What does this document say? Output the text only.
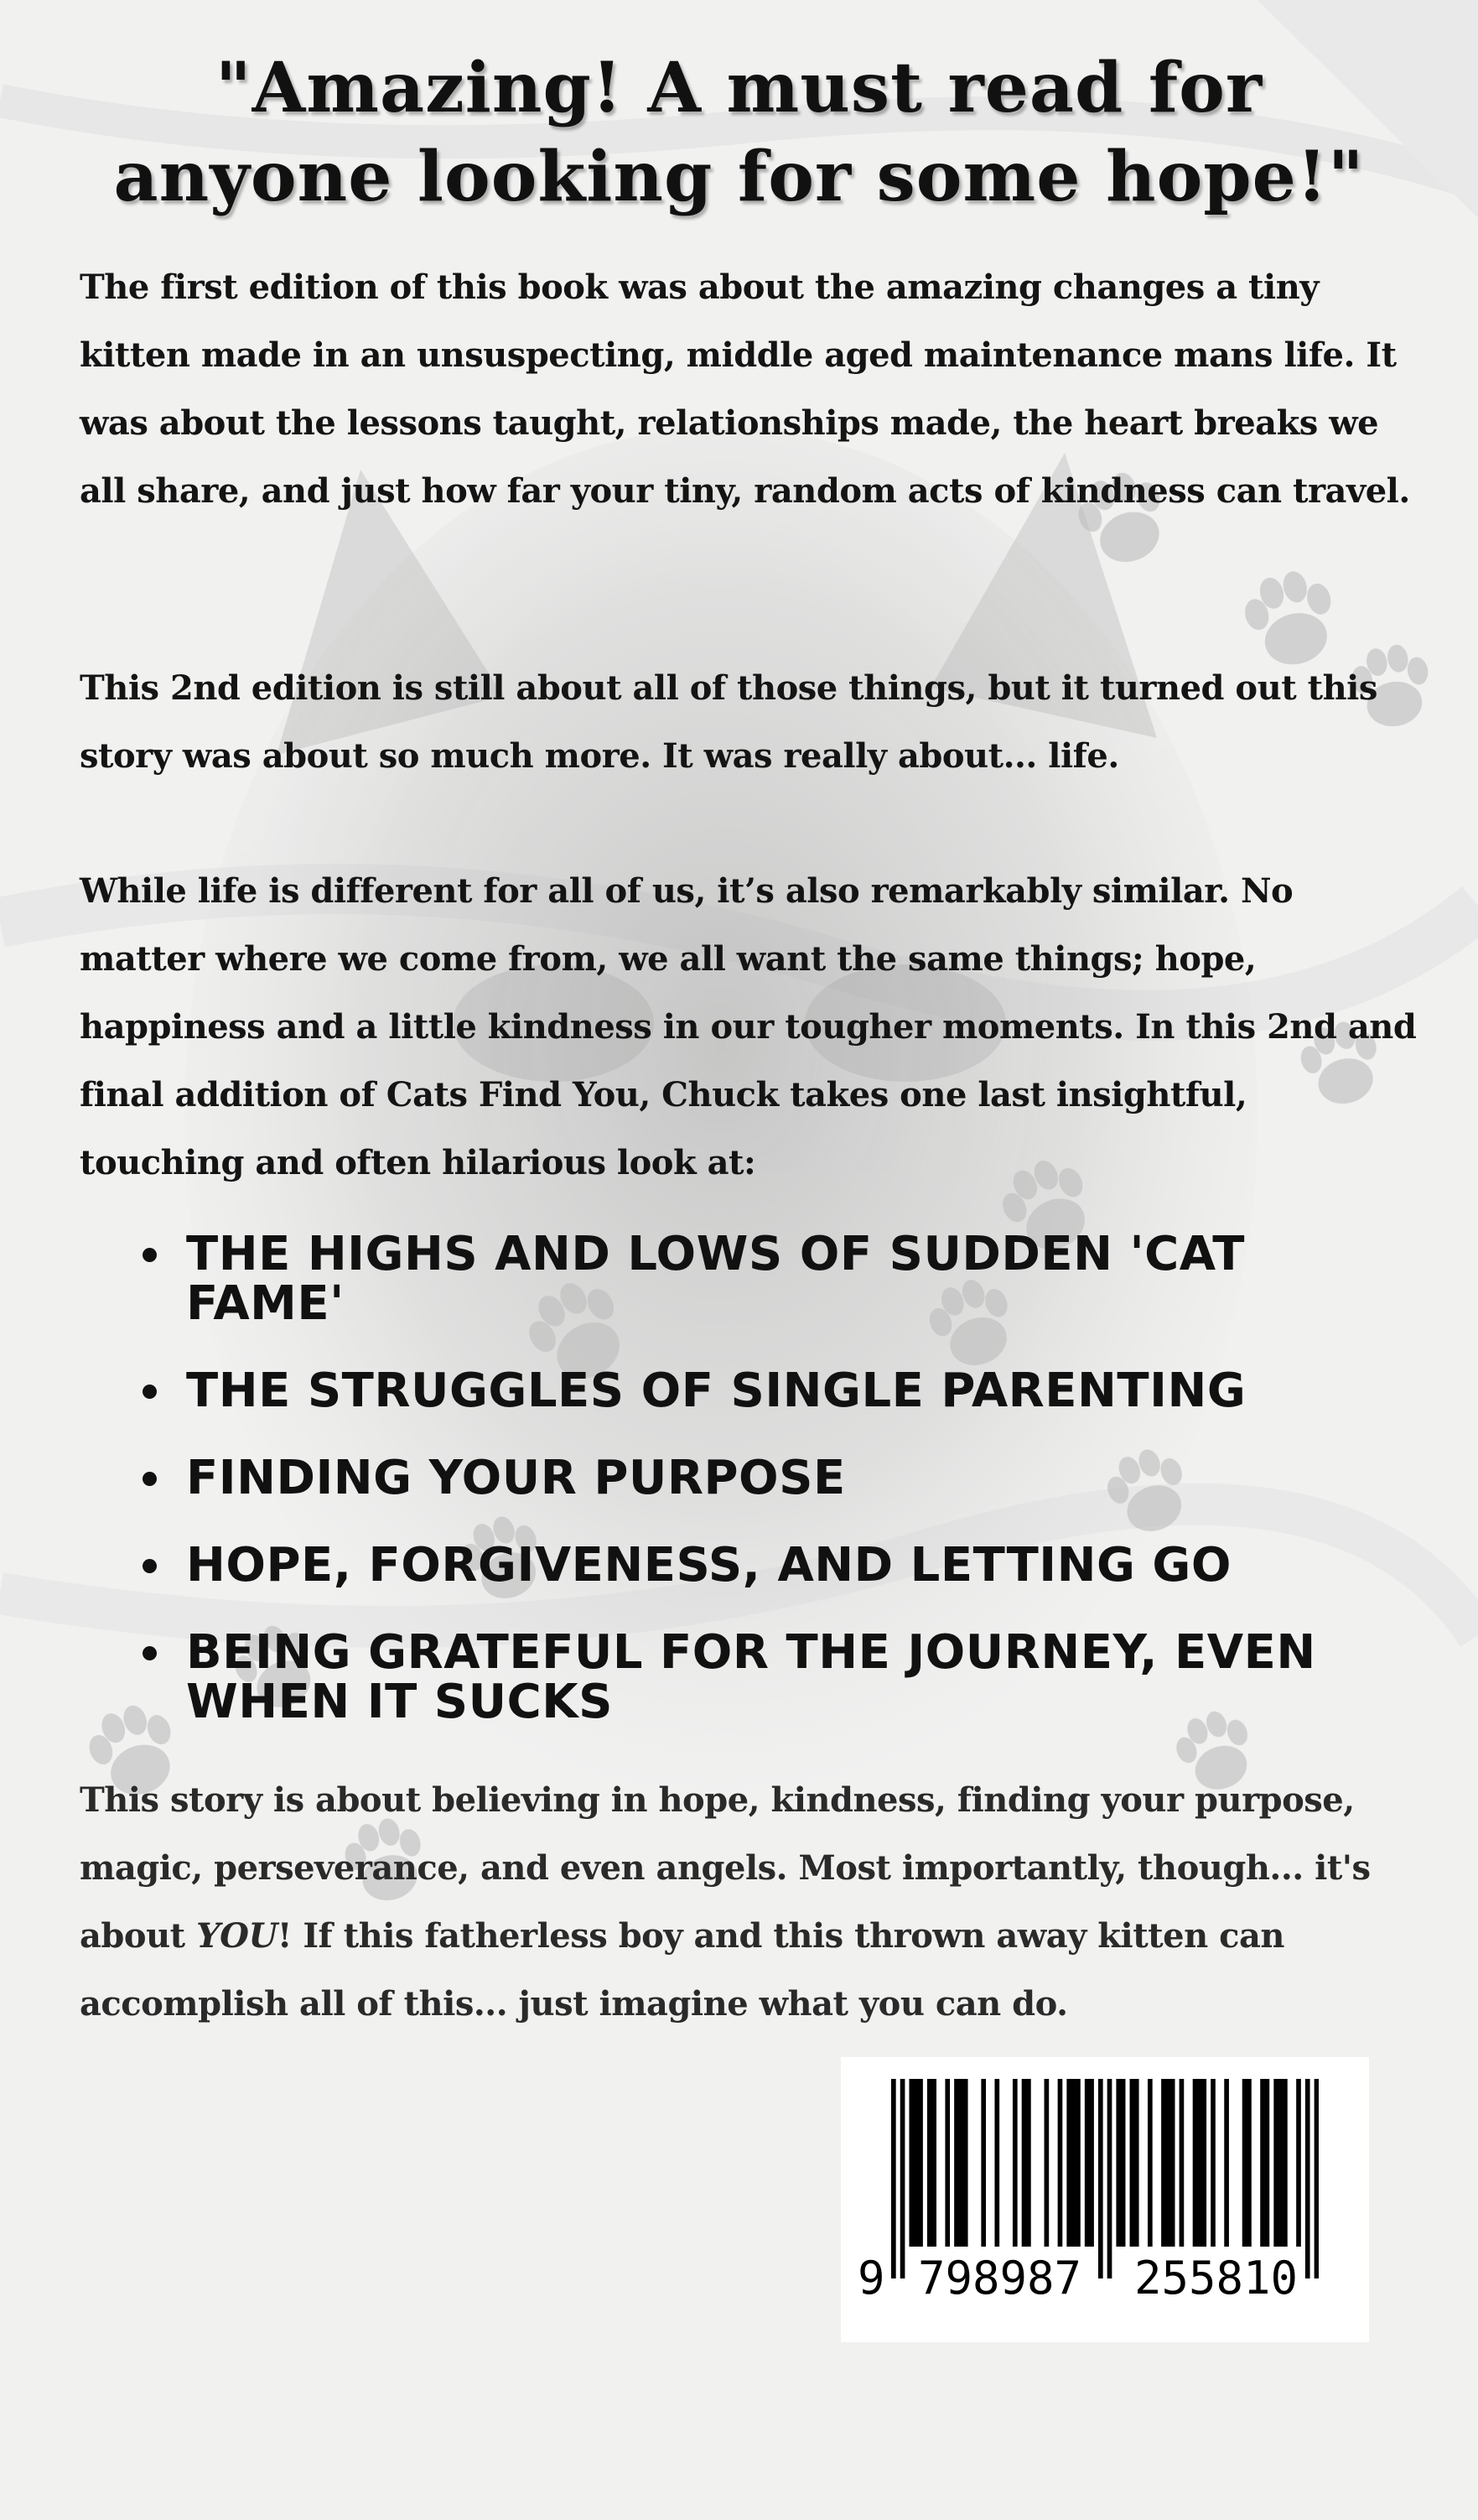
"Amazing! A must read for
anyone looking for some hope!"

The first edition of this book was about the amazing changes a tiny kitten made in an unsuspecting, middle aged maintenance mans life. It was about the lessons taught, relationships made, the heart breaks we all share, and just how far your tiny, random acts of kindness can travel.

This 2nd edition is still about all of those things, but it turned out this story was about so much more. It was really about... life.

While life is different for all of us, it’s also remarkably similar. No matter where we come from, we all want the same things; hope, happiness and a little kindness in our tougher moments. In this 2nd and final addition of Cats Find You, Chuck takes one last insightful, touching and often hilarious look at:

THE HIGHS AND LOWS OF SUDDEN 'CAT FAME'
THE STRUGGLES OF SINGLE PARENTING
FINDING YOUR PURPOSE
HOPE, FORGIVENESS, AND LETTING GO
BEING GRATEFUL FOR THE JOURNEY, EVEN WHEN IT SUCKS

This story is about believing in hope, kindness, finding your purpose, magic, perseverance, and even angels. Most importantly, though... it's about YOU! If this fatherless boy and this thrown away kitten can accomplish all of this... just imagine what you can do.

9

798987

255810
